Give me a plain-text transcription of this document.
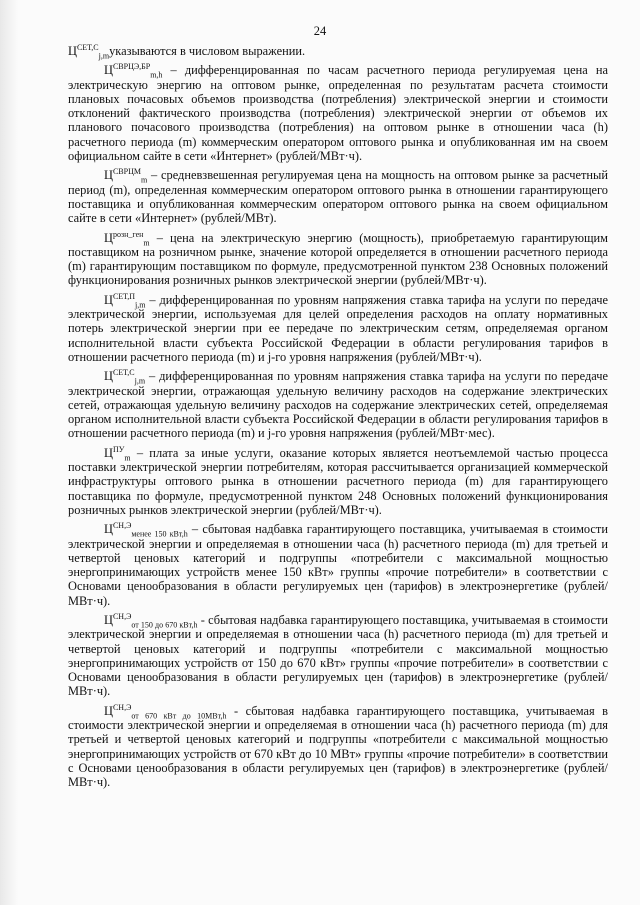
24

$Ц^{СЕТ,С}_{j,m}указываются$ в числовом выражении.

$Ц^{СВРЦЭ,БР}_{m,h}$ – дифференцированная по часам расчетного периода регулируемая цена на электрическую энергию на оптовом рынке, определенная по результатам расчета стоимости плановых почасовых объемов производства (потребления) электрической энергии и стоимости отклонений фактического производства (потребления) электрической энергии от объемов их планового почасового производства (потребления) на оптовом рынке в отношении часа (h) расчетного периода (m) коммерческим оператором оптового рынка и опубликованная им на своем официальном сайте в сети «Интернет» (рублей/МВт·ч).

$Ц^{СВРЦМ}_m$ – средневзвешенная регулируемая цена на мощность на оптовом рынке за расчетный период (m), определенная коммерческим оператором оптового рынка в отношении гарантирующего поставщика и опубликованная коммерческим оператором оптового рынка на своем официальном сайте в сети «Интернет» (рублей/МВт).

$Ц^{розн\_ген}_m$ – цена на электрическую энергию (мощность), приобретаемую гарантирующим поставщиком на розничном рынке, значение которой определяется в отношении расчетного периода (m) гарантирующим поставщиком по формуле, предусмотренной пунктом 238 Основных положений функционирования розничных рынков электрической энергии (рублей/МВт·ч).

$Ц^{СЕТ,П}_{j,m}$ – дифференцированная по уровням напряжения ставка тарифа на услуги по передаче электрической энергии, используемая для целей определения расходов на оплату нормативных потерь электрической энергии при ее передаче по электрическим сетям, определяемая органом исполнительной власти субъекта Российской Федерации в области регулирования тарифов в отношении расчетного периода (m) и j-го уровня напряжения (рублей/МВт·ч).

$Ц^{СЕТ,С}_{j,m}$ – дифференцированная по уровням напряжения ставка тарифа на услуги по передаче электрической энергии, отражающая удельную величину расходов на содержание электрических сетей, отражающая удельную величину расходов на содержание электрических сетей, определяемая органом исполнительной власти субъекта Российской Федерации в области регулирования тарифов в отношении расчетного периода (m) и j-го уровня напряжения (рублей/МВт·мес).

$Ц^{ПУ}_m$ – плата за иные услуги, оказание которых является неотъемлемой частью процесса поставки электрической энергии потребителям, которая рассчитывается организацией коммерческой инфраструктуры оптового рынка в отношении расчетного периода (m) для гарантирующего поставщика по формуле, предусмотренной пунктом 248 Основных положений функционирования розничных рынков электрической энергии (рублей/МВт·ч).

$Ц^{СН,Э}_{менее 150 кВт,h}$ – сбытовая надбавка гарантирующего поставщика, учитываемая в стоимости электрической энергии и определяемая в отношении часа (h) расчетного периода (m) для третьей и четвертой ценовых категорий и подгруппы «потребители с максимальной мощностью энергопринимающих устройств менее 150 кВт» группы «прочие потребители» в соответствии с Основами ценообразования в области регулируемых цен (тарифов) в электроэнергетике (рублей/МВт·ч).

$Ц^{СН,Э}_{от 150 до 670 кВт,h}$ - сбытовая надбавка гарантирующего поставщика, учитываемая в стоимости электрической энергии и определяемая в отношении часа (h) расчетного периода (m) для третьей и четвертой ценовых категорий и подгруппы «потребители с максимальной мощностью энергопринимающих устройств от 150 до 670 кВт» группы «прочие потребители» в соответствии с Основами ценообразования в области регулируемых цен (тарифов) в электроэнергетике (рублей/МВт·ч).

$Ц^{СН,Э}_{от 670 кВт до 10МВт,h}$ - сбытовая надбавка гарантирующего поставщика, учитываемая в стоимости электрической энергии и определяемая в отношении часа (h) расчетного периода (m) для третьей и четвертой ценовых категорий и подгруппы «потребители с максимальной мощностью энергопринимающих устройств от 670 кВт до 10 МВт» группы «прочие потребители» в соответствии с Основами ценообразования в области регулируемых цен (тарифов) в электроэнергетике (рублей/МВт·ч).
